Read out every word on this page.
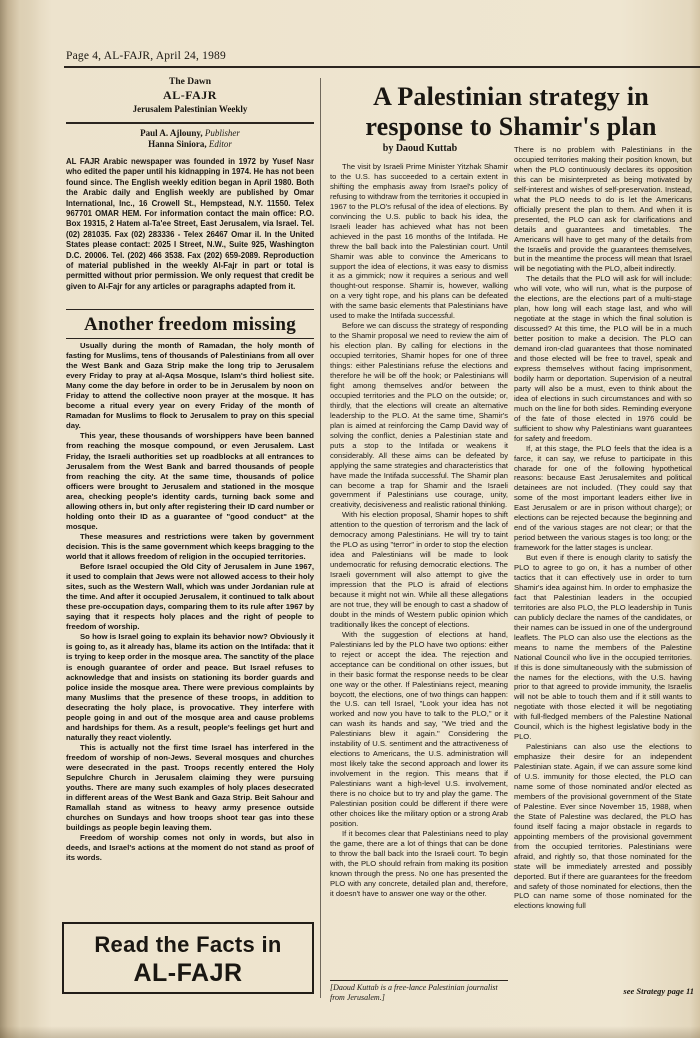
Page 4, AL-FAJR, April 24, 1989
The Dawn
AL-FAJR
Jerusalem Palestinian Weekly
Paul A. Ajlouny, Publisher
Hanna Siniora, Editor
AL FAJR Arabic newspaper was founded in 1972 by Yusef Nasr who edited the paper until his kidnapping in 1974. He has not been found since. The English weekly edition began in April 1980. Both the Arabic daily and English weekly are published by Omar International, Inc., 16 Crowell St., Hempstead, N.Y. 11550. Telex 967701 OMAR HEM. For information contact the main office: P.O. Box 19315, 2 Hatem al-Ta'ee Street, East Jerusalem, via Israel. Tel. (02) 281035. Fax (02) 283336 - Telex 26467 Omar il. In the United States please contact: 2025 I Street, N.W., Suite 925, Washington D.C. 20006. Tel. (202) 466 3538. Fax (202) 659-2089. Reproduction of material published in the weekly Al-Fajr in part or total is permitted without prior permission. We only request that credit be given to Al-Fajr for any articles or paragraphs adapted from it.
Another freedom missing

Usually during the month of Ramadan, the holy month of fasting for Muslims, tens of thousands of Palestinians from all over the West Bank and Gaza Strip make the long trip to Jerusalem every Friday to pray at al-Aqsa Mosque, Islam's third holiest site. Many come the day before in order to be in Jerusalem by noon on Friday to attend the collective noon prayer at the mosque. It has become a ritual every year on every Friday of the month of Ramadan for Muslims to flock to Jerusalem to pray on this special day.

This year, these thousands of worshippers have been banned from reaching the mosque compound, or even Jerusalem. Last Friday, the Israeli authorities set up roadblocks at all entrances to Jerusalem from the West Bank and barred thousands of people from reaching the city. At the same time, thousands of police officers were brought to Jerusalem and stationed in the mosque area, checking people's identity cards, turning back some and allowing others in, but only after registering their ID card number or holding onto their ID as a guarantee of "good conduct" at the mosque.

These measures and restrictions were taken by government decision. This is the same government which keeps bragging to the world that it allows freedom of religion in the occupied territories.

Before Israel occupied the Old City of Jerusalem in June 1967, it used to complain that Jews were not allowed access to their holy sites, such as the Western Wall, which was under Jordanian rule at the time. And after it occupied Jerusalem, it continued to talk about these pre-occupation days, comparing them to its rule after 1967 by saying that it respects holy places and the right of people to freedom of worship.

So how is Israel going to explain its behavior now? Obviously it is going to, as it already has, blame its action on the Intifada: that it is trying to keep order in the mosque area. The sanctity of the place is enough guarantee of order and peace. But Israel refuses to acknowledge that and insists on stationing its border guards and police inside the mosque area. There were previous complaints by many Muslims that the presence of these troops, in addition to desecrating the holy place, is provocative. They interfere with people going in and out of the mosque area and cause problems and hardships for them. As a result, people's feelings get hurt and naturally they react violently.

This is actually not the first time Israel has interfered in the freedom of worship of non-Jews. Several mosques and churches were desecrated in the past. Troops recently entered the Holy Sepulchre Church in Jerusalem claiming they were pursuing youths. There are many such examples of holy places desecrated in different areas of the West Bank and Gaza Strip. Beit Sahour and Ramallah stand as witness to heavy army presence outside churches on Sundays and how troops shoot tear gas into these buildings as people begin leaving them.

Freedom of worship comes not only in words, but also in deeds, and Israel's actions at the moment do not stand as proof of its words.

Read the Facts in
AL-FAJR
A Palestinian strategy in response to Shamir's plan
by Daoud Kuttab

The visit by Israeli Prime Minister Yitzhak Shamir to the U.S. has succeeded to a certain extent in shifting the emphasis away from Israel's policy of refusing to withdraw from the territories it occupied in 1967 to the PLO's refusal of the idea of elections. By convincing the U.S. public to back his idea, the Israeli leader has achieved what has not been achieved in the past 16 months of the Intifada. He threw the ball back into the Palestinian court. Until Shamir was able to convince the Americans to support the idea of elections, it was easy to dismiss it as a gimmick; now it requires a serious and well thought-out response. Shamir is, however, walking on a very tight rope, and his plans can be defeated with the same basic elements that Palestinians have used to make the Intifada successful.

Before we can discuss the strategy of responding to the Shamir proposal we need to review the aim of his election plan. By calling for elections in the occupied territories, Shamir hopes for one of three things: either Palestinians refuse the elections and therefore he will be off the hook; or Palestinians will fight among themselves and/or between the occupied territories and the PLO on the outside; or, thirdly, that the elections will create an alternative leadership to the PLO. At the same time, Shamir's plan is aimed at reinforcing the Camp David way of solving the conflict, denies a Palestinian state and puts a stop to the Intifada or weakens it considerably. All these aims can be defeated by applying the same strategies and characteristics that have made the Intifada successful. The Shamir plan can become a trap for Shamir and the Israeli government if Palestinians use courage, unity, creativity, decisiveness and realistic rational thinking.

With his election proposal, Shamir hopes to shift attention to the question of terrorism and the lack of democracy among Palestinians. He will try to taint the PLO as using "terror" in order to stop the election idea and Palestinians will be made to look undemocratic for refusing democratic elections. The Israeli government will also attempt to give the impression that the PLO is afraid of elections because it might not win. While all these allegations are not true, they will be enough to cast a shadow of doubt in the minds of Western public opinion which traditionally likes the concept of elections.

With the suggestion of elections at hand, Palestinians led by the PLO have two options: either to reject or accept the idea. The rejection and acceptance can be conditional on other issues, but in their basic format the response needs to be clear one way or the other. If Palestinians reject, meaning boycott, the elections, one of two things can happen: the U.S. can tell Israel, "Look your idea has not worked and now you have to talk to the PLO," or it can wash its hands and say, "We tried and the Palestinians blew it again." Considering the instability of U.S. sentiment and the attractiveness of elections to Americans, the U.S. administration will most likely take the second approach and lower its involvement in the region. This means that if Palestinians want a high-level U.S. involvement, there is no choice but to try and play the game. The Palestinian position could be different if there were other choices like the military option or a strong Arab position.

If it becomes clear that Palestinians need to play the game, there are a lot of things that can be done to throw the ball back into the Israeli court. To begin with, the PLO should refrain from making its position known through the press. No one has presented the PLO with any concrete, detailed plan and, therefore, it doesn't have to answer one way or the other.

There is no problem with Palestinians in the occupied territories making their position known, but when the PLO continuously declares its opposition this can be misinterpreted as being motivated by self-interest and wishes of self-preservation. Instead, what the PLO needs to do is let the Americans officially present the plan to them. And when it is presented, the PLO can ask for clarifications and details and guarantees and timetables. The Americans will have to get many of the details from the Israelis and provide the guarantees themselves, but in the meantime the process will mean that Israel will be negotiating with the PLO, albeit indirectly.

The details that the PLO will ask for will include: who will vote, who will run, what is the purpose of the elections, are the elections part of a multi-stage plan, how long will each stage last, and who will negotiate at the stage in which the final solution is discussed? At this time, the PLO will be in a much better position to make a decision. The PLO can demand iron-clad guarantees that those nominated and those elected will be free to travel, speak and express themselves without facing imprisonment, bodily harm or deportation. Supervision of a neutral party will also be a must, even to think about the idea of elections in such circumstances and with so much on the line for both sides. Reminding everyone of the fate of those elected in 1976 could be sufficient to show why Palestinians want guarantees for safety and freedom.

If, at this stage, the PLO feels that the idea is a farce, it can say, we refuse to participate in this charade for one of the following hypothetical reasons: because East Jerusalemites and political detainees are not included. (They could say that some of the most important leaders either live in East Jerusalem or are in prison without charge); or elections can be rejected because the beginning and end of the various stages are not clear; or that the period between the various stages is too long; or the framework for the latter stages is unclear.

But even if there is enough clarity to satisfy the PLO to agree to go on, it has a number of other tactics that it can effectively use in order to turn Shamir's idea against him. In order to emphasize the fact that Palestinian leaders in the occupied territories are also PLO, the PLO leadership in Tunis can publicly declare the names of the candidates, or their names can be issued in one of the underground leaflets. The PLO can also use the elections as the means to name the members of the Palestine National Council who live in the occupied territories. If this is done simultaneously with the submission of the names for the elections, with the U.S. having prior to that agreed to provide immunity, the Israelis will not be able to touch them and if it still wants to negotiate with those elected it will be negotiating with full-fledged members of the Palestine National Council, which is the highest legislative body in the PLO.

Palestinians can also use the elections to emphasize their desire for an independent Palestinian state. Again, if we can assure some kind of U.S. immunity for those elected, the PLO can name some of those nominated and/or elected as members of the provisional government of the State of Palestine. Ever since November 15, 1988, when the State of Palestine was declared, the PLO has found itself facing a major obstacle in regards to appointing members of the provisional government from the occupied territories. Palestinians were afraid, and rightly so, that those nominated for the state will be immediately arrested and possibly deported. But if there are guarantees for the freedom and safety of those nominated for elections, then the PLO can name some of those nominated for the elections knowing full

[Daoud Kuttab is a free-lance Palestinian journalist from Jerusalem.]
see Strategy page 11
